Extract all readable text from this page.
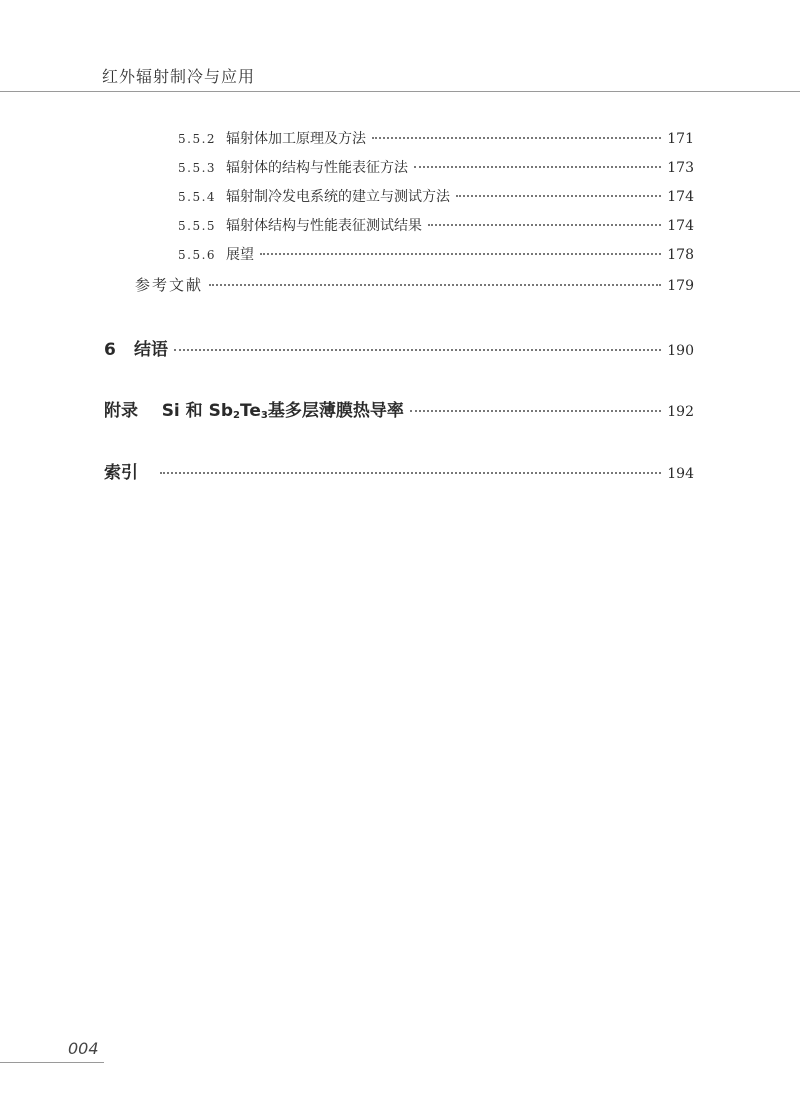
红外辐射制冷与应用
5.5.2 辐射体加工原理及方法	171
5.5.3 辐射体的结构与性能表征方法	173
5.5.4 辐射制冷发电系统的建立与测试方法	174
5.5.5 辐射体结构与性能表征测试结果	174
5.5.6 展望	178
参考文献	179
6 结语	190
附录 Si 和 $Sb_2Te_3$基多层薄膜热导率	192
索引	194
004
